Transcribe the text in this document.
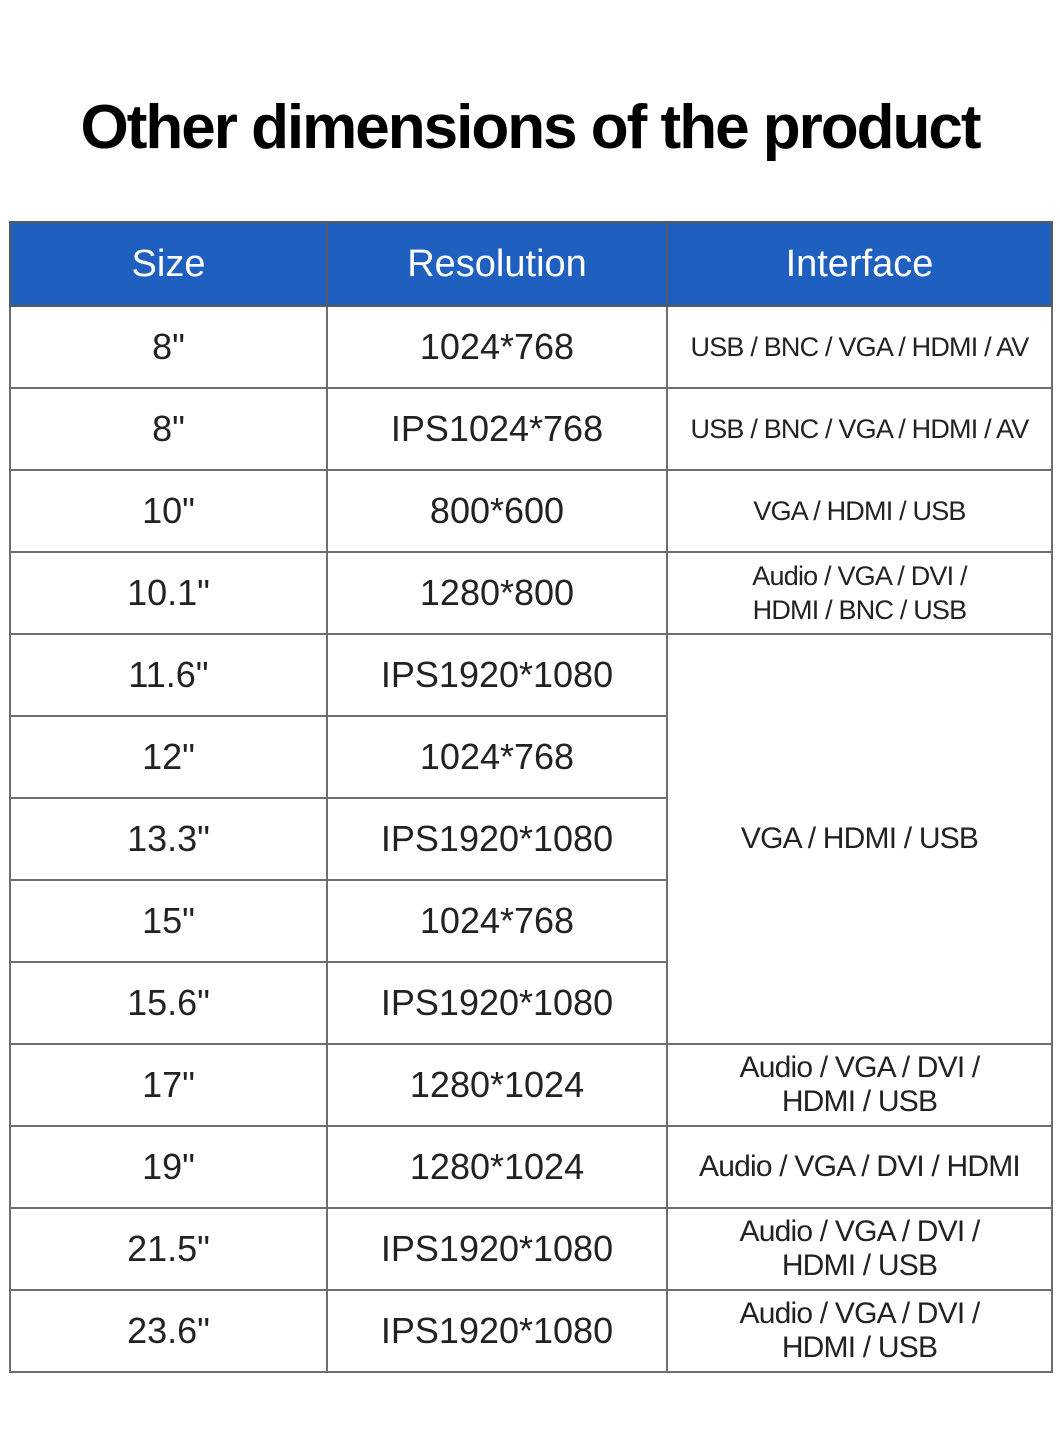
Other dimensions of the product
Size	Resolution	Interface
8"	1024*768	USB / BNC / VGA / HDMI / AV
8"	IPS1024*768	USB / BNC / VGA / HDMI / AV
10"	800*600	VGA / HDMI / USB
10.1"	1280*800	Audio / VGA / DVI /
HDMI / BNC / USB

11.6"	IPS1920*1080	VGA / HDMI / USB
12"	1024*768	
13.3"	IPS1920*1080	
15"	1024*768	
15.6"	IPS1920*1080	
17"	1280*1024	Audio / VGA / DVI /
HDMI / USB

19"	1280*1024	Audio / VGA / DVI / HDMI
21.5"	IPS1920*1080	Audio / VGA / DVI /
HDMI / USB

23.6"	IPS1920*1080	Audio / VGA / DVI /
HDMI / USB
